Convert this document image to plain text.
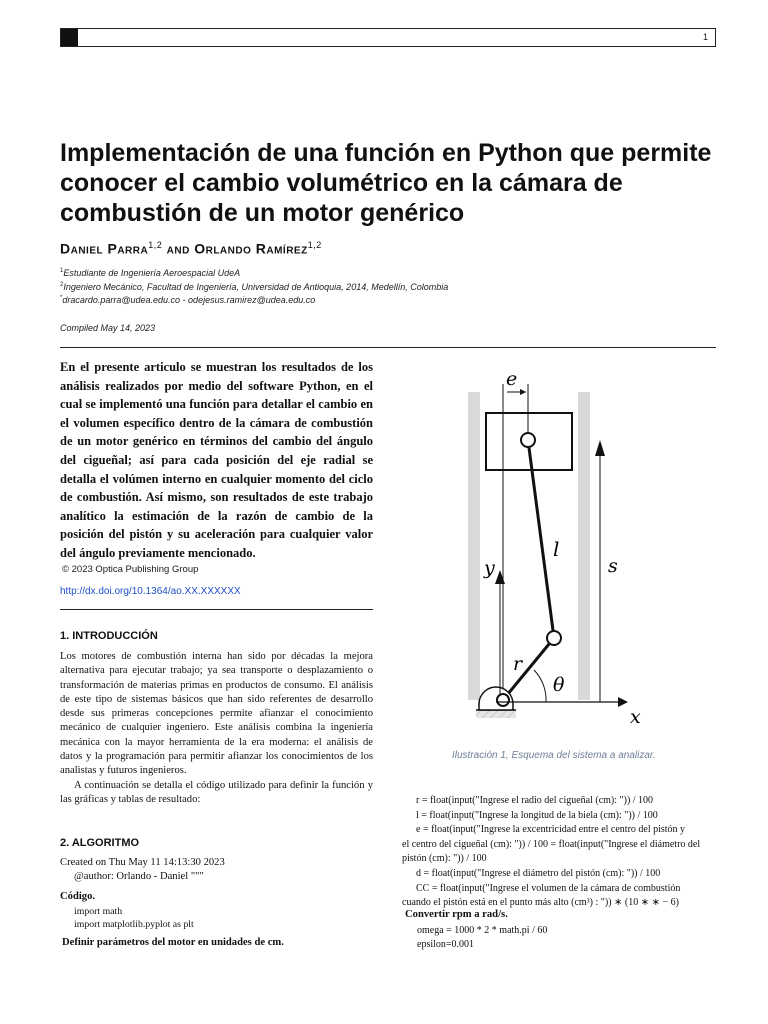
1
Implementación de una función en Python que permite conocer el cambio volumétrico en la cámara de combustión de un motor genérico
Daniel Parra$^{1,2}$ and Orlando Ramírez$^{1,2}$
$^1$Estudiante de Ingeniería Aeroespacial UdeA
$^2$Ingeniero Mecánico, Facultad de Ingeniería, Universidad de Antioquia, 2014, Medellín, Colombia
*dracardo.parra@udea.edu.co - odejesus.ramirez@udea.edu.co
Compiled May 14, 2023

En el presente articulo se muestran los resultados de los análisis realizados por medio del software Python, en el cual se implementó una función para detallar el cambio en el volumen específico dentro de la cámara de combustión de un motor genérico en términos del cambio del ángulo del cigueñal; así para cada posición del eje radial se detalla el volúmen interno en cualquier momento del ciclo de combustión. Así mismo, son resultados de este trabajo analítico la estimación de la razón de cambio de la posición del pistón y su aceleración para cualquier valor del ángulo previamente mencionado.

© 2023 Optica Publishing Group
http://dx.doi.org/10.1364/ao.XX.XXXXXX
1. INTRODUCCIÓN

Los motores de combustión interna han sido por décadas la mejora alternativa para ejecutar trabajo; ya sea transporte o desplazamiento o transformación de materias primas en productos de consumo. El análisis de este tipo de sistemas básicos que han sido referentes de desarrollo desde sus primeras concepciones permite afianzar el conocimiento mecánico de cualquier ingeniero. Este análisis combina la ingeniería mecánica con la mayor herramienta de la era moderna: el análisis de datos y la programación para permitir afianzar los conocimientos de los analistas y futuros ingenieros.

A continuación se detalla el código utilizado para definir la función y las gráficas y tablas de resultado:

2. ALGORITMO
Created on Thu May 11 14:13:30 2023
@author: Orlando - Daniel """
Código.
import math
import matplotlib.pyplot as plt
Definir parámetros del motor en unidades de cm.
e
x
y	s
l
r
θ
Ilustración 1, Esquema del sistema a analizar.
r = float(input("Ingrese el radio del cigueñal (cm): ")) / 100
l = float(input("Ingrese la longitud de la biela (cm): ")) / 100
e = float(input("Ingrese la excentricidad entre el centro del pistón y
el centro del cigueñal (cm): ")) / 100 = float(input("Ingrese el diámetro del pistón (cm): ")) / 100
d = float(input("Ingrese el diámetro del pistón (cm): ")) / 100
CC = float(input("Ingrese el volumen de la cámara de combustión
cuando el pistón está en el punto más alto (cm³) : ")) ∗ (10 ∗ ∗ − 6)
Convertir rpm a rad/s.
omega = 1000 * 2 * math.pi / 60
epsilon=0.001
